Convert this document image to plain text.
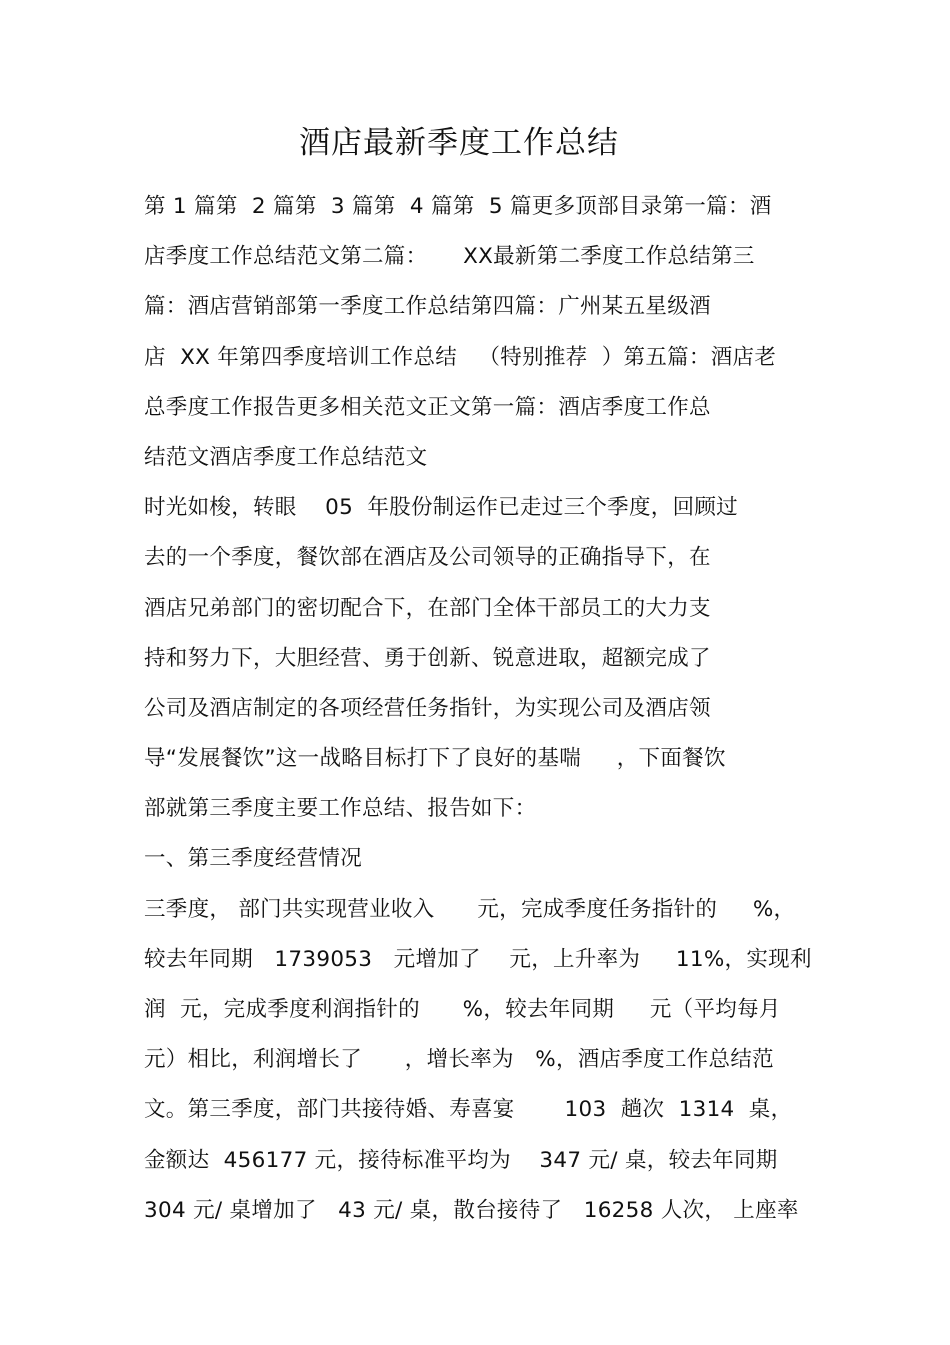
酒店最新季度工作总结
第 1 篇第  2 篇第  3 篇第  4 篇第  5 篇更多顶部目录第一篇：酒
店季度工作总结范文第二篇：     XX最新第二季度工作总结第三
篇：酒店营销部第一季度工作总结第四篇：广州某五星级酒
店  XX 年第四季度培训工作总结   （特别推荐  ）第五篇：酒店老
总季度工作报告更多相关范文正文第一篇：酒店季度工作总
结范文酒店季度工作总结范文
时光如梭，转眼    05  年股份制运作已走过三个季度，回顾过
去的一个季度，餐饮部在酒店及公司领导的正确指导下，在
酒店兄弟部门的密切配合下，在部门全体干部员工的大力支
持和努力下，大胆经营、勇于创新、锐意进取，超额完成了
公司及酒店制定的各项经营任务指针，为实现公司及酒店领
导“发展餐饮”这一战略目标打下了良好的基喘     ，下面餐饮
部就第三季度主要工作总结、报告如下：
一、第三季度经营情况
三季度， 部门共实现营业收入      元，完成季度任务指针的     %，
较去年同期   1739053   元增加了    元，上升率为     11%，实现利
润  元，完成季度利润指针的      %，较去年同期     元（平均每月
元）相比，利润增长了      ，增长率为   %，酒店季度工作总结范
文。第三季度，部门共接待婚、寿喜宴       103  趟次  1314  桌，
金额达  456177 元，接待标准平均为    347 元/ 桌，较去年同期
304 元/ 桌增加了   43 元/ 桌，散台接待了   16258 人次， 上座率
